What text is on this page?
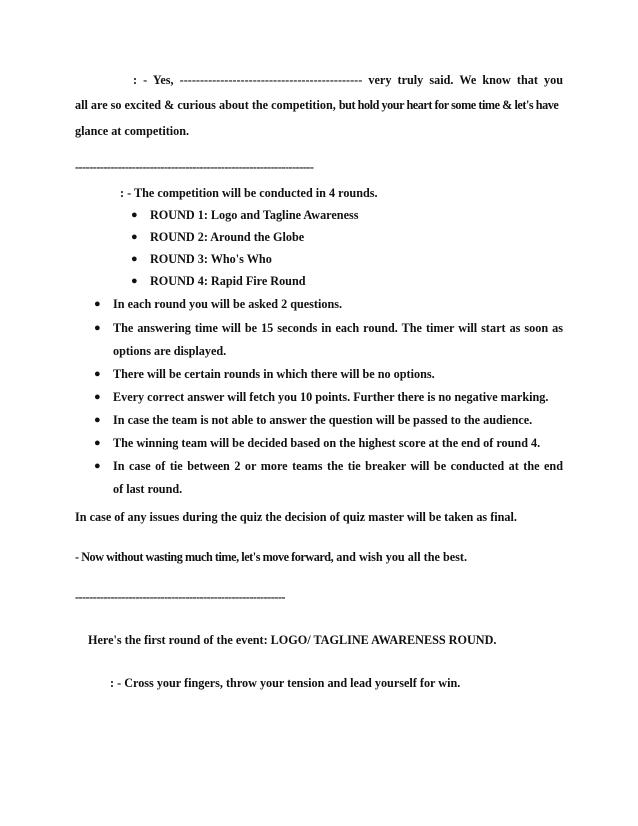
: - Yes, --------------------------------------------- very truly said. We know that you
all are so excited & curious about the competition, but hold your heart for some time & let's have
glance at competition.
-------------------------------------------------------------------
: - The competition will be conducted in 4 rounds.
● ROUND 1: Logo and Tagline Awareness
● ROUND 2: Around the Globe
● ROUND 3: Who's Who
● ROUND 4: Rapid Fire Round
● In each round you will be asked 2 questions.
● The answering time will be 15 seconds in each round. The timer will start as soon as
options are displayed.
● There will be certain rounds in which there will be no options.
● Every correct answer will fetch you 10 points. Further there is no negative marking.
● In case the team is not able to answer the question will be passed to the audience.
● The winning team will be decided based on the highest score at the end of round 4.
● In case of tie between 2 or more teams the tie breaker will be conducted at the end
of last round.
In case of any issues during the quiz the decision of quiz master will be taken as final.
- Now without wasting much time, let's move forward, and wish you all the best.
-----------------------------------------------------------
Here's the first round of the event: LOGO/ TAGLINE AWARENESS ROUND.
: - Cross your fingers, throw your tension and lead yourself for win.
